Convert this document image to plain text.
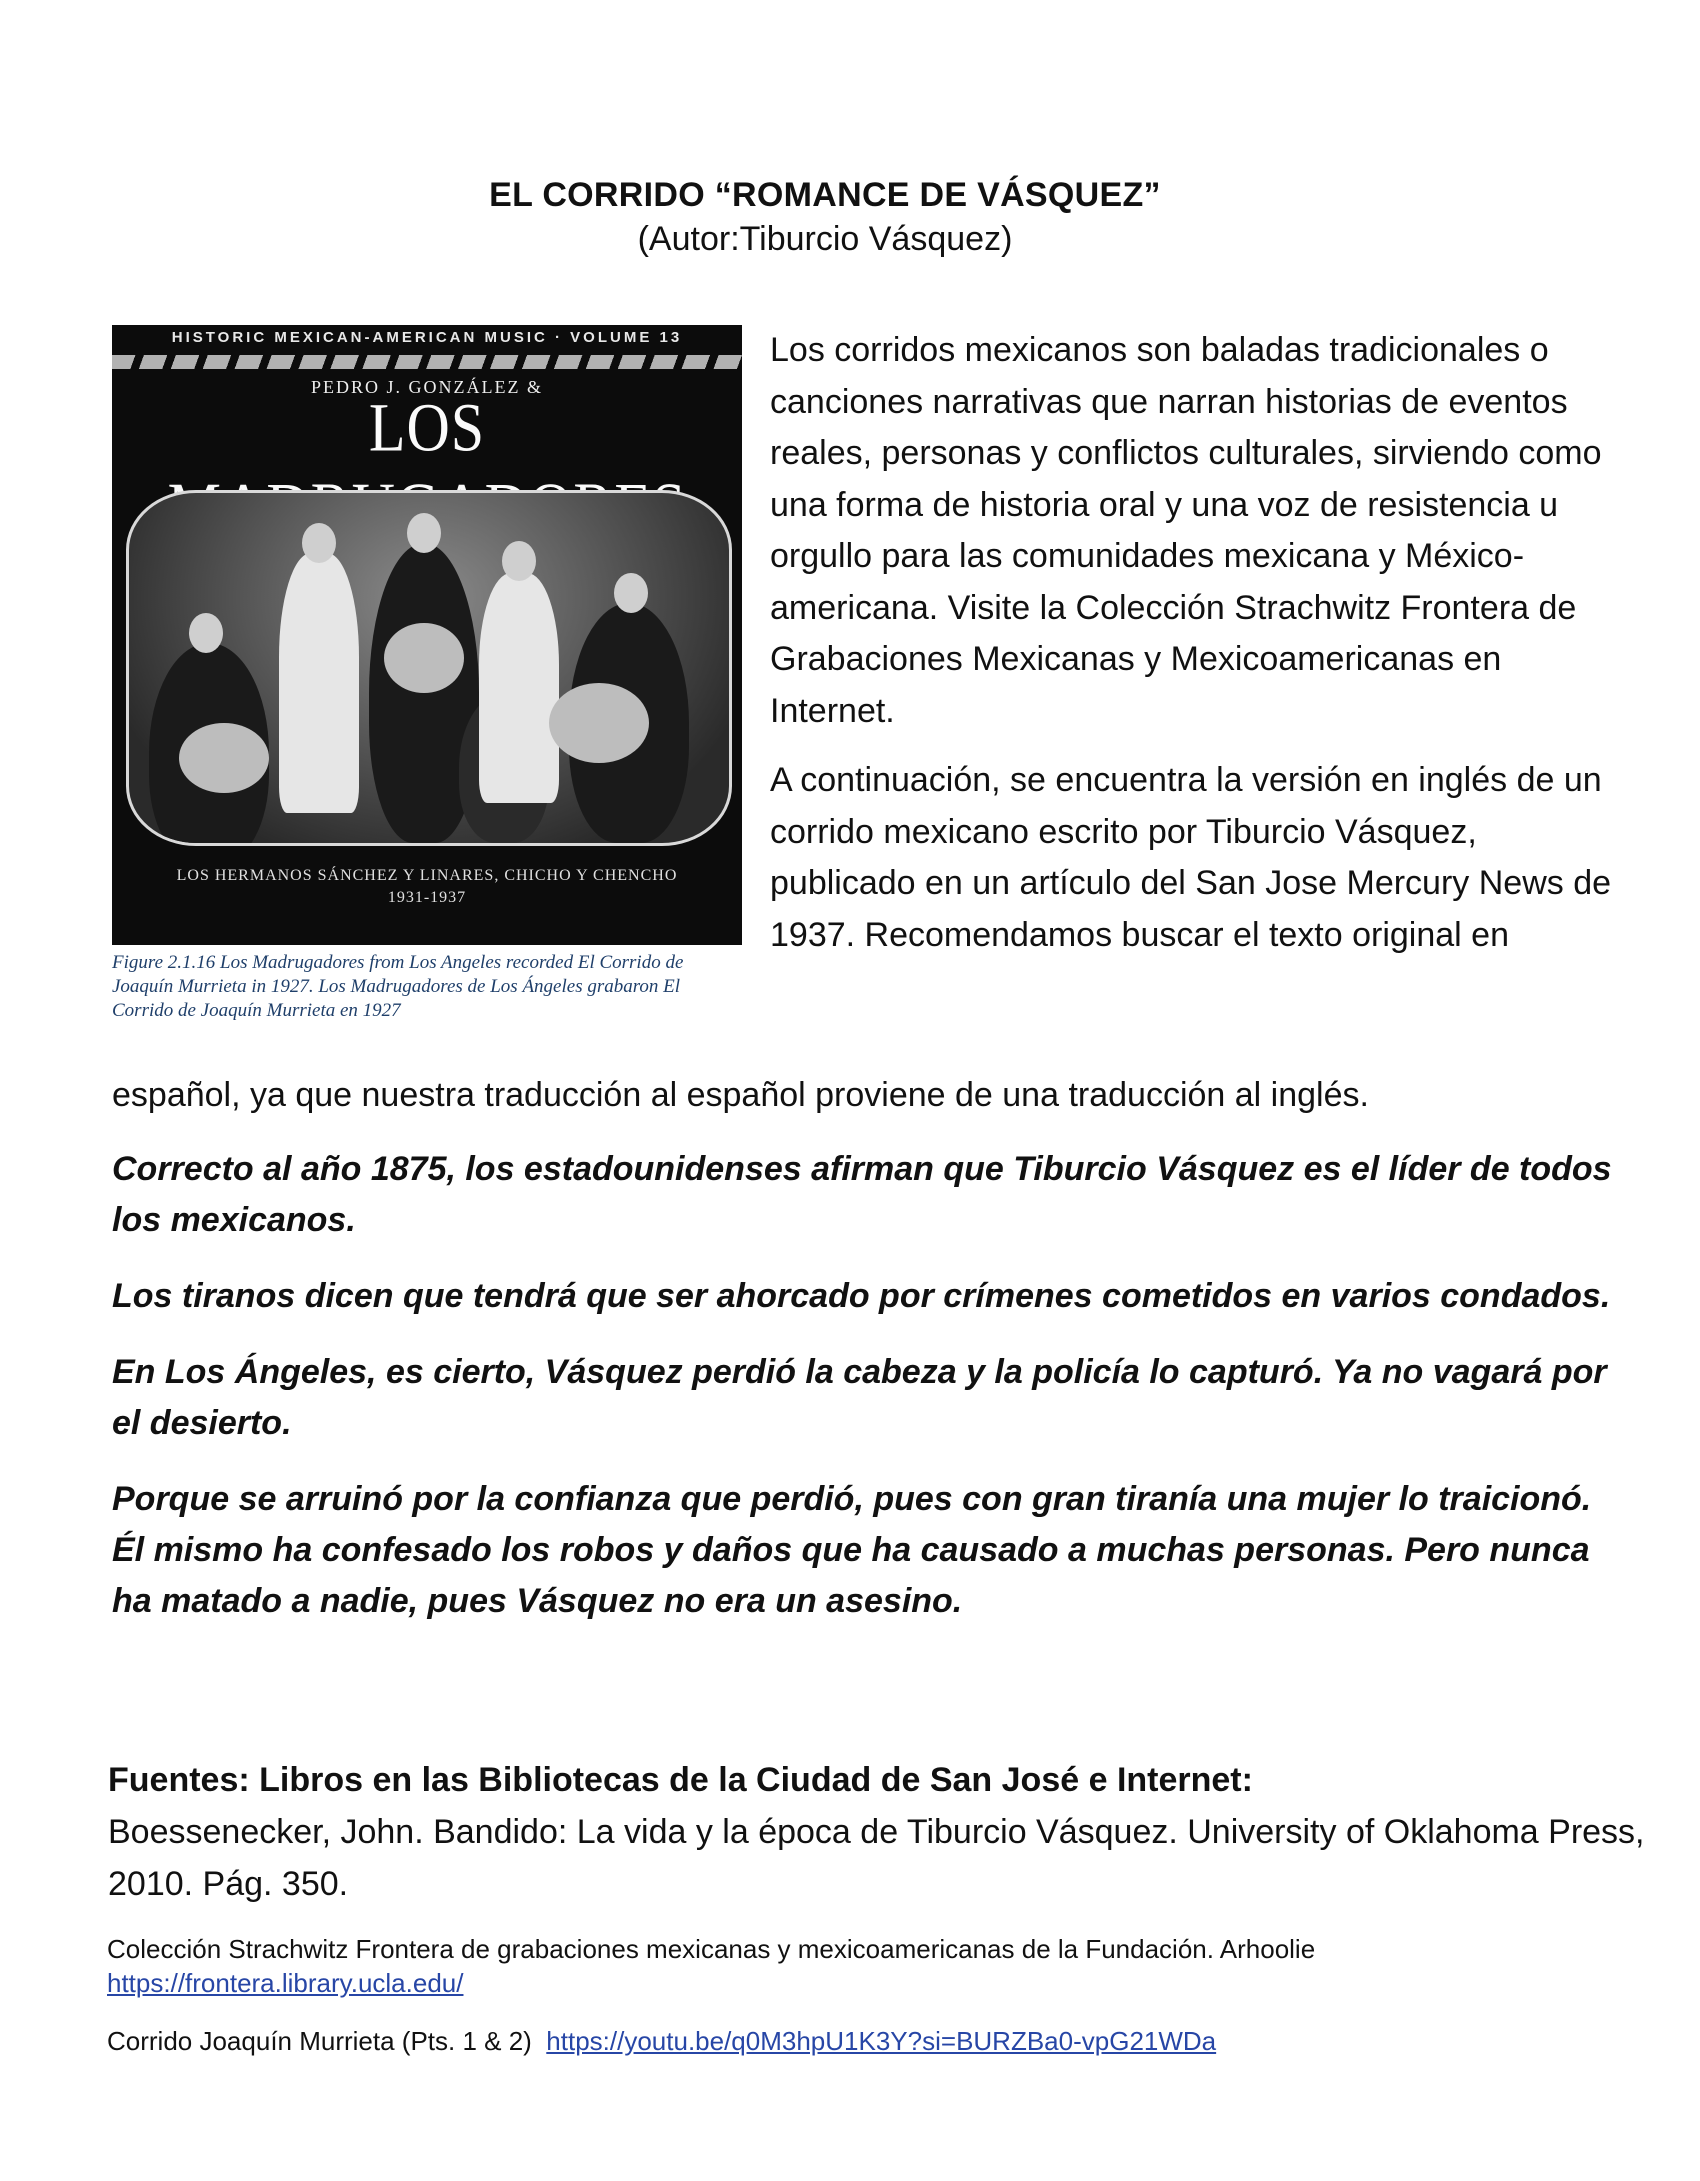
EL CORRIDO “ROMANCE DE VÁSQUEZ”
(Autor:Tiburcio Vásquez)
HISTORIC MEXICAN-AMERICAN MUSIC · VOLUME 13
PEDRO J. GONZÁLEZ &
LOS
LOS HERMANOS SÁNCHEZ Y LINARES, CHICHO Y CHENCHO
1931-1937
Figure 2.1.16 Los Madrugadores from Los Angeles recorded El Corrido de Joaquín Murrieta in 1927. Los Madrugadores de Los Ángeles grabaron El Corrido de Joaquín Murrieta en 1927

Los corridos mexicanos son baladas tradicionales o canciones narrativas que narran historias de eventos reales, personas y conflictos culturales, sirviendo como una forma de historia oral y una voz de resistencia u orgullo para las comunidades mexicana y México- americana. Visite la Colección Strachwitz Frontera de Grabaciones Mexicanas y Mexicoamericanas en Internet.

A continuación, se encuentra la versión en inglés de un corrido mexicano escrito por Tiburcio Vásquez, publicado en un artículo del San Jose Mercury News de 1937. Recomendamos buscar el texto original en

español, ya que nuestra traducción al español proviene de una traducción al inglés.

Correcto al año 1875, los estadounidenses afirman que Tiburcio Vásquez es el líder de todos los mexicanos.

Los tiranos dicen que tendrá que ser ahorcado por crímenes cometidos en varios condados.

En Los Ángeles, es cierto, Vásquez perdió la cabeza y la policía lo capturó. Ya no vagará por el desierto.

Porque se arruinó por la confianza que perdió, pues con gran tiranía una mujer lo traicionó. Él mismo ha confesado los robos y daños que ha causado a muchas personas. Pero nunca ha matado a nadie, pues Vásquez no era un asesino.

Fuentes: Libros en las Bibliotecas de la Ciudad de San José e Internet:
Boessenecker, John. Bandido: La vida y la época de Tiburcio Vásquez. University of Oklahoma Press, 2010. Pág. 350.
Colección Strachwitz Frontera de grabaciones mexicanas y mexicoamericanas de la Fundación. Arhoolie https://frontera.library.ucla.edu/
Corrido Joaquín Murrieta (Pts. 1 & 2) https://youtu.be/q0M3hpU1K3Y?si=BURZBa0-vpG21WDa
